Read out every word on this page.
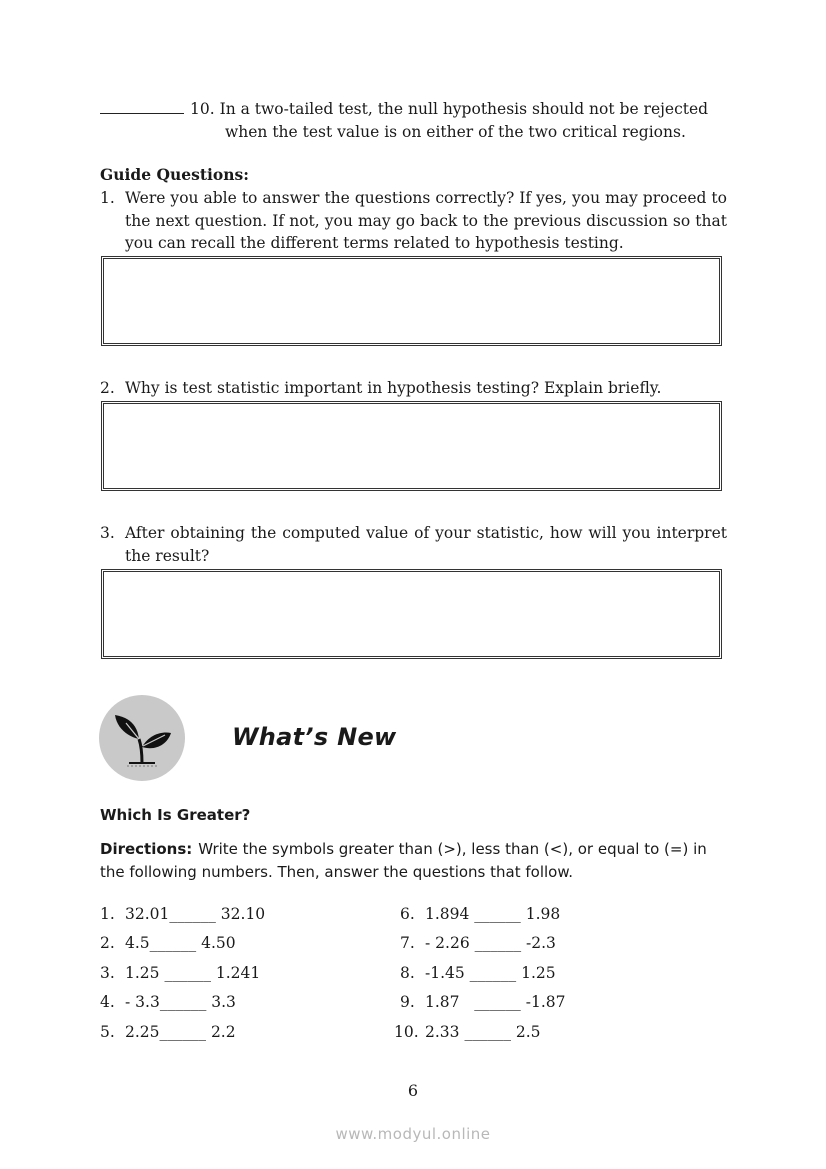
10.
In a two-tailed test, the null hypothesis should not be rejected
when the test value is on either of the two critical regions.
Guide Questions:
1. Were you able to answer the questions correctly? If yes, you may proceed to the next question. If not, you may go back to the previous discussion so that you can recall the different terms related to hypothesis testing.
2. Why is test statistic important in hypothesis testing? Explain briefly.
3. After obtaining the computed value of your statistic, how will you interpret the result?
What’s New
Which Is Greater?
Directions: Write the symbols greater than (>), less than (<), or equal to (=) in the following numbers. Then, answer the questions that follow.
1. 32.01______ 32.10
2. 4.5______ 4.50
3. 1.25 ______ 1.241
4. - 3.3______ 3.3
5. 2.25______ 2.2
6. 1.894 ______ 1.98
7. - 2.26 ______ -2.3
8. -1.45 ______ 1.25
9. 1.87   ______ -1.87
10. 2.33 ______ 2.5
6
www.modyul.online
